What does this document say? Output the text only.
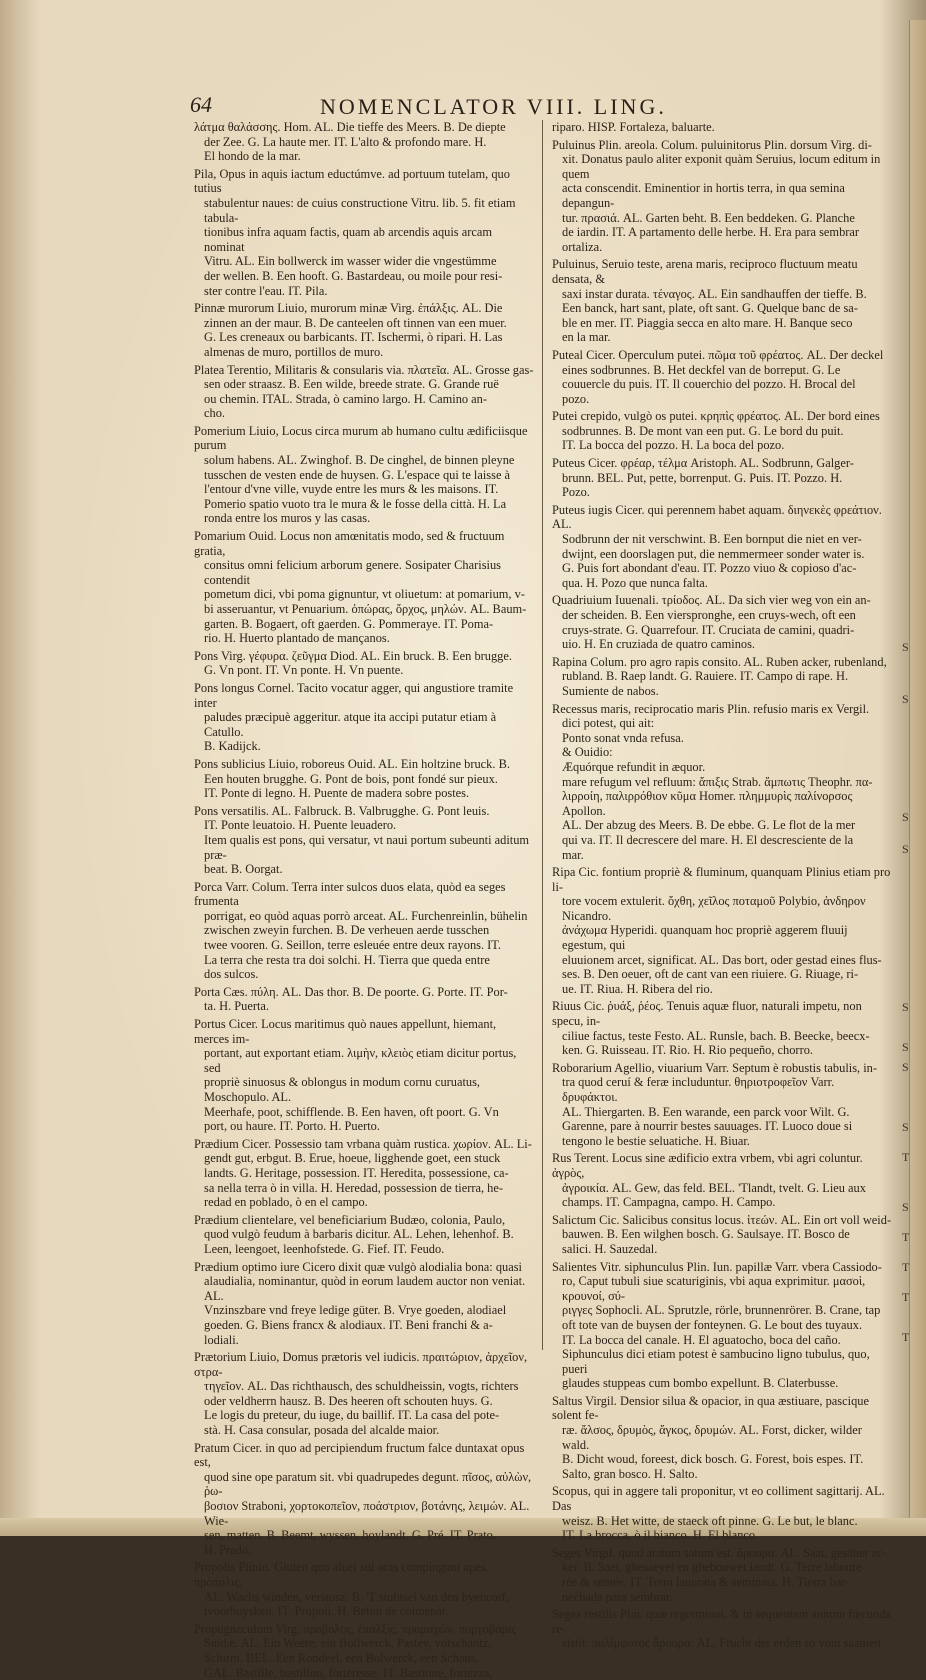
64	NOMENCLATOR VIII. LING.
λάτμα θαλάσσης. Hom. AL. Die tieffe des Meers. B. De diepte
der Zee. G. La haute mer. IT. L'alto & profondo mare. H.
El hondo de la mar.
Pila, Opus in aquis iactum eductúmve. ad portuum tutelam, quo tutius
stabulentur naues: de cuius constructione Vitru. lib. 5. fit etiam tabula-
tionibus infra aquam factis, quam ab arcendis aquis arcam nominat
Vitru. AL. Ein bollwerck im wasser wider die vngestümme
der wellen. B. Een hooft. G. Bastardeau, ou moile pour resi-
ster contre l'eau. IT. Pila.
Pinnæ murorum Liuio, murorum minæ Virg. ἐπάλξις. AL. Die
zinnen an der maur. B. De canteelen oft tinnen van een muer.
G. Les creneaux ou barbicants. IT. Ischermi, ò ripari. H. Las
almenas de muro, portillos de muro.
Platea Terentio, Militaris & consularis via. πλατεῖα. AL. Grosse gas-
sen oder straasz. B. Een wilde, breede strate. G. Grande ruë
ou chemin. ITAL. Strada, ò camino largo. H. Camino an-
cho.
Pomerium Liuio, Locus circa murum ab humano cultu ædificiisque purum
solum habens. AL. Zwinghof. B. De cinghel, de binnen pleyne
tusschen de vesten ende de huysen. G. L'espace qui te laisse à
l'entour d'vne ville, vuyde entre les murs & les maisons. IT.
Pomerio spatio vuoto tra le mura & le fosse della città. H. La
ronda entre los muros y las casas.
Pomarium Ouid. Locus non amœnitatis modo, sed & fructuum gratia,
consitus omni felicium arborum genere. Sosipater Charisius contendit
pometum dici, vbi poma gignuntur, vt oliuetum: at pomarium, v-
bi asseruantur, vt Penuarium. ὀπώρας, ὄρχος, μηλών. AL. Baum-
garten. B. Bogaert, oft gaerden. G. Pommeraye. IT. Poma-
rio. H. Huerto plantado de mançanos.
Pons Virg. γέφυρα. ζεῦγμα Diod. AL. Ein bruck. B. Een brugge.
G. Vn pont. IT. Vn ponte. H. Vn puente.
Pons longus Cornel. Tacito vocatur agger, qui angustiore tramite inter
paludes præcipuè aggeritur. atque ita accipi putatur etiam à Catullo.
B. Kadijck.
Pons sublicius Liuio, roboreus Ouid. AL. Ein holtzine bruck. B.
Een houten brugghe. G. Pont de bois, pont fondé sur pieux.
IT. Ponte di legno. H. Puente de madera sobre postes.
Pons versatilis. AL. Falbruck. B. Valbrugghe. G. Pont leuis.
IT. Ponte leuatoio. H. Puente leuadero.
Item qualis est pons, qui versatur, vt naui portum subeunti aditum præ-
beat. B. Oorgat.
Porca Varr. Colum. Terra inter sulcos duos elata, quòd ea seges frumenta
porrigat, eo quòd aquas porrò arceat. AL. Furchenreinlin, bühelin
zwischen zweyin furchen. B. De verheuen aerde tusschen
twee vooren. G. Seillon, terre esleuée entre deux rayons. IT.
La terra che resta tra doi solchi. H. Tierra que queda entre
dos sulcos.
Porta Cæs. πύλη. AL. Das thor. B. De poorte. G. Porte. IT. Por-
ta. H. Puerta.
Portus Cicer. Locus maritimus quò naues appellunt, hiemant, merces im-
portant, aut exportant etiam. λιμὴν, κλειὸς etiam dicitur portus, sed
propriè sinuosus & oblongus in modum cornu curuatus, Moschopulo. AL.
Meerhafe, poot, schifflende. B. Een haven, oft poort. G. Vn
port, ou haure. IT. Porto. H. Puerto.
Prædium Cicer. Possessio tam vrbana quàm rustica. χωρίον. AL. Li-
gendt gut, erbgut. B. Erue, hoeue, ligghende goet, een stuck
landts. G. Heritage, possession. IT. Heredita, possessione, ca-
sa nella terra ò in villa. H. Heredad, possession de tierra, he-
redad en poblado, ò en el campo.
Prædium clientelare, vel beneficiarium Budæo, colonia, Paulo,
quod vulgò feudum à barbaris dicitur. AL. Lehen, lehenhof. B.
Leen, leengoet, leenhofstede. G. Fief. IT. Feudo.
Prædium optimo iure Cicero dixit quæ vulgò alodialia bona: quasi
alaudialia, nominantur, quòd in eorum laudem auctor non veniat. AL.
Vnzinszbare vnd freye ledige güter. B. Vrye goeden, alodiael
goeden. G. Biens francx & alodiaux. IT. Beni franchi & a-
lodiali.
Prætorium Liuio, Domus prætoris vel iudicis. πραιτώριον, ἀρχεῖον, στρα-
τηγεῖον. AL. Das richthausch, des schuldheissin, vogts, richters
oder veldherrn hausz. B. Des heeren oft schouten huys. G.
Le logis du preteur, du iuge, du baillif. IT. La casa del pote-
stà. H. Casa consular, posada del alcalde maior.
Pratum Cicer. in quo ad percipiendum fructum falce duntaxat opus est,
quod sine ope paratum sit. vbi quadrupedes degunt. πῖσος, αὐλὼν, ῥω-
βοσιον Straboni, χορτοκοπεῖον, ποάστριον, βοτάνης, λειμών. AL. Wie-
sen, matten. B. Beemt, wyssen, hoylandt. G. Pré. IT. Prato.
H. Prado.
Propolis Plinio. Gluten quo aluei sui oras compingunt apes. πρόπολις.
AL. Wachs winden, verstosz. B. 'T stuhtsel van den byencorf,
tvoorhuysken. IT. Propoli. H. Betun de colmenar.
Propugnaculum Virg. προβολος, ἐπαλξις, προμαχών, πυργοβάρις
Suidæ. AL. Ein Weere, ein Bollwerck, Pastey, vorschantz,
Schirm. BEL. Een Rondeel, een Bolwerck, een Schans.
GAL. Bastille, bastillon, forteresse. IT. Bastione, fortezza,
riparo. HISP. Fortaleza, baluarte.
Puluinus Plin. areola. Colum. puluinitorus Plin. dorsum Virg. di-
xit. Donatus paulo aliter exponit quàm Seruius, locum editum in quem
acta conscendit. Eminentior in hortis terra, in qua semina depangun-
tur. πρασιά. AL. Garten beht. B. Een beddeken. G. Planche
de iardin. IT. A partamento delle herbe. H. Era para sembrar
ortaliza.
Puluinus, Seruio teste, arena maris, reciproco fluctuum meatu densata, &
saxi instar durata. τέναγος. AL. Ein sandhauffen der tieffe. B.
Een banck, hart sant, plate, oft sant. G. Quelque banc de sa-
ble en mer. IT. Piaggia secca en alto mare. H. Banque seco
en la mar.
Puteal Cicer. Operculum putei. πῶμα τοῦ φρέατος. AL. Der deckel
eines sodbrunnes. B. Het deckfel van de borreput. G. Le
couuercle du puis. IT. Il couerchio del pozzo. H. Brocal del
pozo.
Putei crepido, vulgò os putei. κρηπὶς φρέατος. AL. Der bord eines
sodbrunnes. B. De mont van een put. G. Le bord du puit.
IT. La bocca del pozzo. H. La boca del pozo.
Puteus Cicer. φρέαρ, τέλμα Aristoph. AL. Sodbrunn, Galger-
brunn. BEL. Put, pette, borrenput. G. Puis. IT. Pozzo. H.
Pozo.
Puteus iugis Cicer. qui perennem habet aquam. διηνεκὲς φρεάτιον. AL.
Sodbrunn der nit verschwint. B. Een bornput die niet en ver-
dwijnt, een doorslagen put, die nemmermeer sonder water is.
G. Puis fort abondant d'eau. IT. Pozzo viuo & copioso d'ac-
qua. H. Pozo que nunca falta.
Quadriuium Iuuenali. τρίοδος. AL. Da sich vier weg von ein an-
der scheiden. B. Een vierspronghe, een cruys-wech, oft een
cruys-strate. G. Quarrefour. IT. Cruciata de camini, quadri-
uio. H. En cruziada de quatro caminos.
Rapina Colum. pro agro rapis consito. AL. Ruben acker, rubenland,
rubland. B. Raep landt. G. Rauiere. IT. Campo di rape. H.
Sumiente de nabos.
Recessus maris, reciprocatio maris Plin. refusio maris ex Vergil.
dici potest, qui ait:
Ponto sonat vnda refusa.
& Ouidio:
Æquórque refundit in æquor.
mare refugum vel refluum: ἄπιξις Strab. ἄμπωτις Theophr. πα-
λιρροίη, παλιρρόθιον κῦμα Homer. πλημμυρὶς παλίνορσος Apollon.
AL. Der abzug des Meers. B. De ebbe. G. Le flot de la mer
qui va. IT. Il decrescere del mare. H. El descresciente de la
mar.
Ripa Cic. fontium propriè & fluminum, quanquam Plinius etiam pro li-
tore vocem extulerit. ὄχθη, χεῖλος ποταμοῦ Polybio, ἀνδηρον Nicandro.
ἀνάχωμα Hyperidi. quanquam hoc propriè aggerem fluuij egestum, qui
eluuionem arcet, significat. AL. Das bort, oder gestad eines flus-
ses. B. Den oeuer, oft de cant van een riuiere. G. Riuage, ri-
ue. IT. Riua. H. Ribera del rio.
Riuus Cic. ῥυάξ, ῥέος. Tenuis aquæ fluor, naturali impetu, non specu, in-
ciliue factus, teste Festo. AL. Runsle, bach. B. Beecke, beecx-
ken. G. Ruisseau. IT. Rio. H. Rio pequeño, chorro.
Roborarium Agellio, viuarium Varr. Septum è robustis tabulis, in-
tra quod ceruí & feræ includuntur. θηριοτροφεῖον Varr. δρυφάκτοι.
AL. Thiergarten. B. Een warande, een parck voor Wilt. G.
Garenne, pare à nourrir bestes sauuages. IT. Luoco doue si
tengono le bestie seluatiche. H. Biuar.
Rus Terent. Locus sine ædificio extra vrbem, vbi agri coluntur. ἀγρὸς,
ἀγροικία. AL. Gew, das feld. BEL. 'Tlandt, tvelt. G. Lieu aux
champs. IT. Campagna, campo. H. Campo.
Salictum Cic. Salicibus consitus locus. ἰτεών. AL. Ein ort voll weid-
bauwen. B. Een wilghen bosch. G. Saulsaye. IT. Bosco de
salici. H. Sauzedal.
Salientes Vitr. siphunculus Plin. Iun. papillæ Varr. vbera Cassiodo-
ro, Caput tubuli siue scaturiginis, vbi aqua exprimitur. μασοὶ, κρουνοί, σύ-
ριγγες Sophocli. AL. Sprutzle, rörle, brunnenrörer. B. Crane, tap
oft tote van de buysen der fonteynen. G. Le bout des tuyaux.
IT. La bocca del canale. H. El aguatocho, boca del caño.
Siphunculus dici etiam potest è sambucino ligno tubulus, quo, pueri
glaudes stuppeas cum bombo expellunt. B. Claterbusse.
Saltus Virgil. Densior silua & opacior, in qua æstiuare, pascique solent fe-
ræ. ἄλσος, δρυμὸς, ἄγκος, δρυμών. AL. Forst, dicker, wilder wald.
B. Dicht woud, foreest, dick bosch. G. Forest, bois espes. IT.
Salto, gran bosco. H. Salto.
Scopus, qui in aggere tali proponitur, vt eo colliment sagittarij. AL. Das
weisz. B. Het witte, de staeck oft pinne. G. Le but, le blanc.
IT. La broccа, ò il bianco. H. El blanco.
Seges Virgil. quod aratum satum est. ἄρουρα. AL. Saat, gesäher ac-
ker. B. Saet, ghesaeyet en ghebouwet landt. G. Terre laboure-
rée & semée. IT. Terra lauorata & seminata. H. Tierra bar-
nechada para sembrar.
Seges restilis Plin. quæ regerminat, & in sequentem annum fœcunda re-
sistit. παλίμφυτος ἄρουρα. AL. Frucht der erden so vom saamen
S
S
S
S
S
S
S
S
S
T
T
T
T
T
